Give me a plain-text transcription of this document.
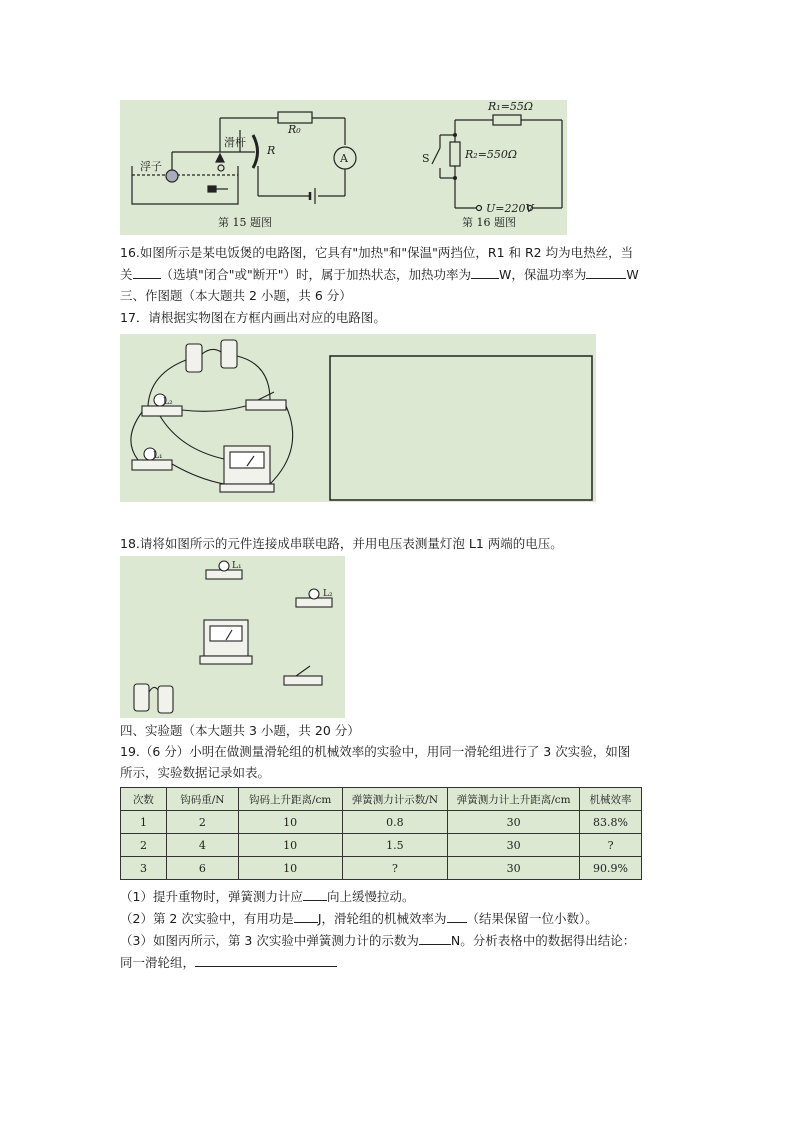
浮子
滑杆
R₀
R
A
第 15 题图
R₁=55Ω
R₂=550Ω
S
U=220V
第 16 题图
16.如图所示是某电饭煲的电路图，它具有"加热"和"保温"两挡位，R1 和 R2 均为电热丝，当
关 （选填"闭合"或"断开"）时，属于加热状态，加热功率为 W，保温功率为	W
三、作图题（本大题共 2 小题，共 6 分）
17．请根据实物图在方框内画出对应的电路图。
L₂
L₁
18.请将如图所示的元件连接成串联电路，并用电压表测量灯泡 L1 两端的电压。
L₁
L₂
四、实验题（本大题共 3 小题，共 20 分）
19.（6 分）小明在做测量滑轮组的机械效率的实验中，用同一滑轮组进行了 3 次实验，如图
所示，实验数据记录如表。
次数	钩码重/N	钩码上升距离/cm	弹簧测力计示数/N	弹簧测力计上升距离/cm	机械效率
1	2	10	0.8	30	83.8%
2	4	10	1.5	30	?
3	6	10	?	30	90.9%
（1）提升重物时，弹簧测力计应 向上缓慢拉动。
（2）第 2 次实验中，有用功是 J，滑轮组的机械效率为 （结果保留一位小数）。
（3）如图丙所示，第 3 次实验中弹簧测力计的示数为	N。分析表格中的数据得出结论：
同一滑轮组，
